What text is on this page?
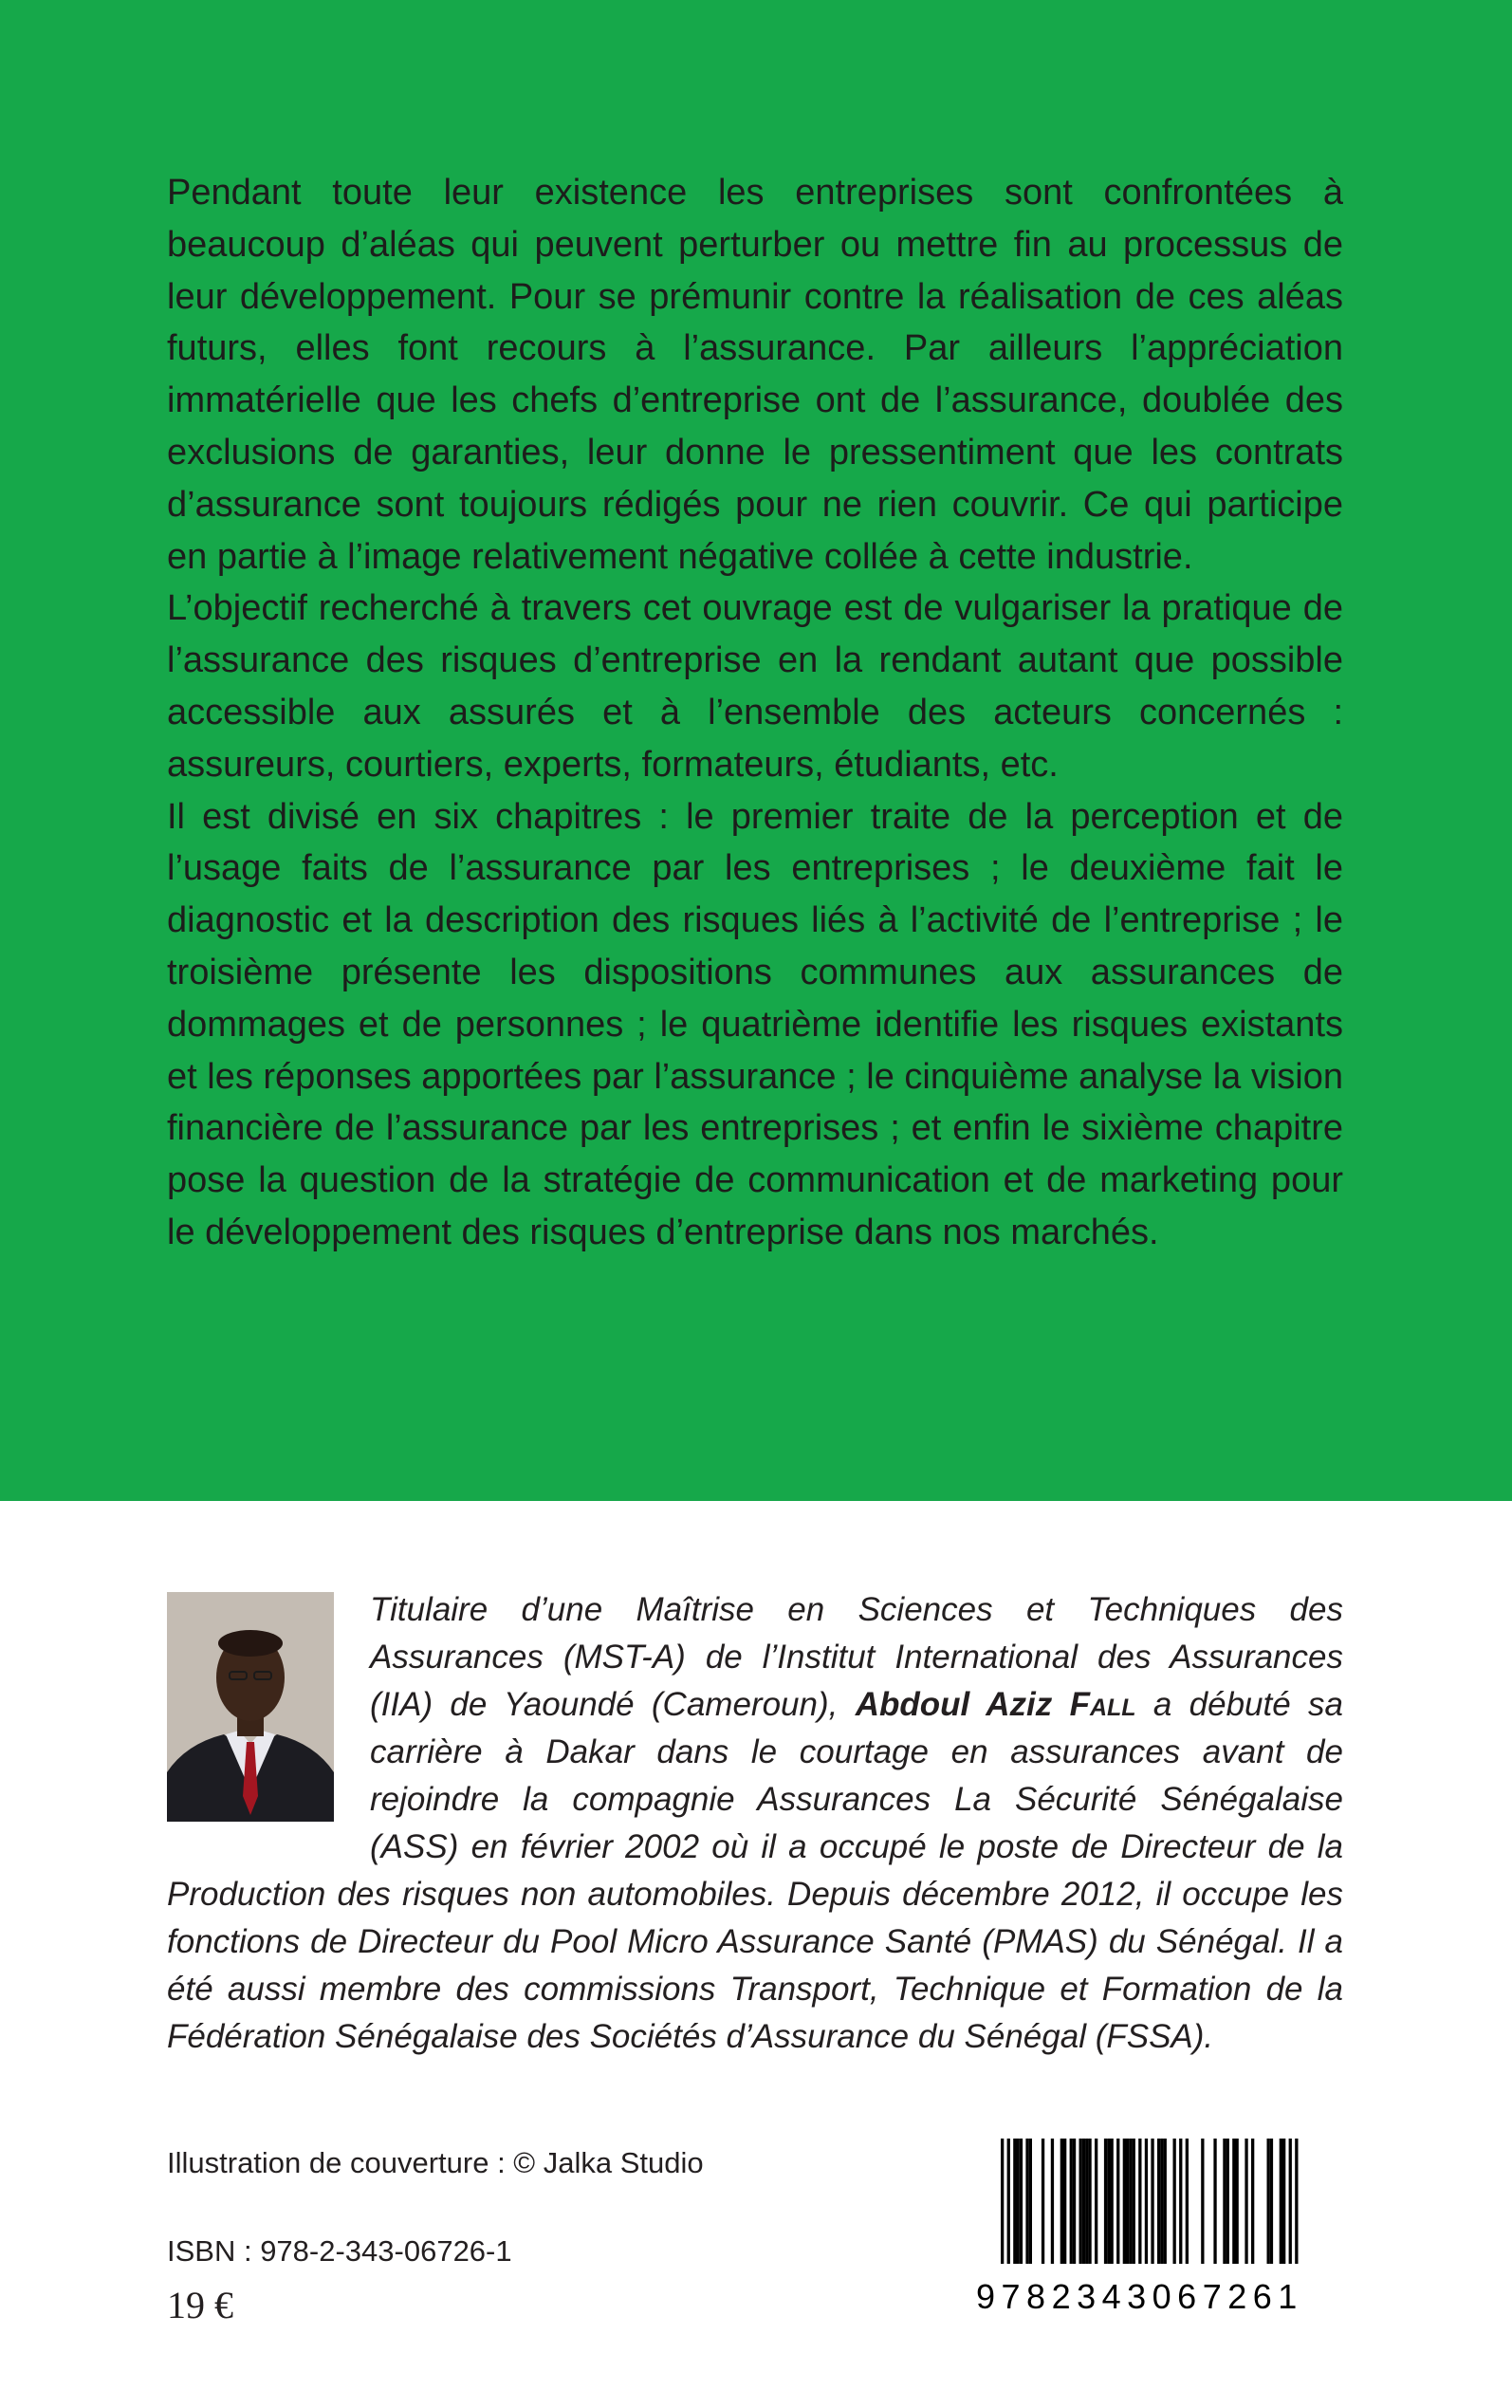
Pendant toute leur existence les entreprises sont confrontées à beaucoup d’aléas qui peuvent perturber ou mettre fin au processus de leur développement. Pour se prémunir contre la réalisation de ces aléas futurs, elles font recours à l’assurance. Par ailleurs l’appréciation immatérielle que les chefs d’entreprise ont de l’assurance, doublée des exclusions de garanties, leur donne le pressentiment que les contrats d’assurance sont toujours rédigés pour ne rien couvrir. Ce qui participe en partie à l’image relativement négative collée à cette industrie.

L’objectif recherché à travers cet ouvrage est de vulgariser la pratique de l’assurance des risques d’entreprise en la rendant autant que possible accessible aux assurés et à l’ensemble des acteurs concernés : assureurs, courtiers, experts, formateurs, étudiants, etc.

Il est divisé en six chapitres : le premier traite de la perception et de l’usage faits de l’assurance par les entreprises ; le deuxième fait le diagnostic et la description des risques liés à l’activité de l’entreprise ; le troisième présente les dispositions communes aux assurances de dommages et de personnes ; le quatrième identifie les risques existants et les réponses apportées par l’assurance ; le cinquième analyse la vision financière de l’assurance par les entreprises ; et enfin le sixième chapitre pose la question de la stratégie de communication et de marketing pour le développement des risques d’entreprise dans nos marchés.

Titulaire d’une Maîtrise en Sciences et Techniques des Assurances (MST-A) de l’Institut International des Assurances (IIA) de Yaoundé (Cameroun), Abdoul Aziz Fall a débuté sa carrière à Dakar dans le courtage en assurances avant de rejoindre la compagnie Assurances La Sécurité Sénégalaise (ASS) en février 2002 où il a occupé le poste de Directeur de la Production des risques non automobiles. Depuis décembre 2012, il occupe les fonctions de Directeur du Pool Micro Assurance Santé (PMAS) du Sénégal. Il a été aussi membre des commissions Transport, Technique et Formation de la Fédération Sénégalaise des Sociétés d’Assurance du Sénégal (FSSA).
Illustration de couverture : © Jalka Studio
ISBN : 978-2-343-06726-1
19 €	9782343067261
